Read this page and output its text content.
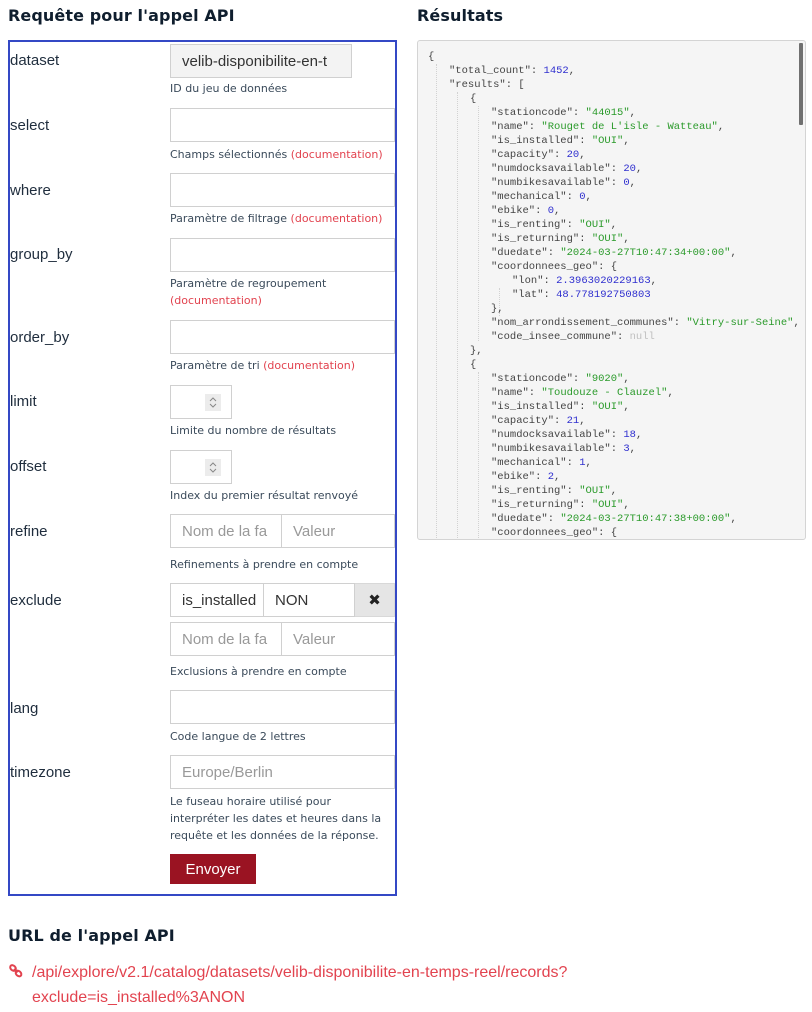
Requête pour l'appel API	Résultats
dataset	velib-disponibilite-en-t
ID du jeu de données
select
Champs sélectionnés (documentation)
where
Paramètre de filtrage (documentation)
group_by
Paramètre de regroupement
(documentation)
order_by
Paramètre de tri (documentation)
limit
Limite du nombre de résultats
offset
Index du premier résultat renvoyé
refine	Nom de la fa	Valeur
Refinements à prendre en compte
exclude	is_installed	NON	✖
Nom de la fa	Valeur
Exclusions à prendre en compte
lang
Code langue de 2 lettres
timezone	Europe/Berlin
Le fuseau horaire utilisé pour interpréter les dates et heures dans la requête et les données de la réponse.
Envoyer
{
"total_count": 1452,
"results": [
{
"stationcode": "44015",
"name": "Rouget de L'isle - Watteau",
"is_installed": "OUI",
"capacity": 20,
"numdocksavailable": 20,
"numbikesavailable": 0,
"mechanical": 0,
"ebike": 0,
"is_renting": "OUI",
"is_returning": "OUI",
"duedate": "2024-03-27T10:47:34+00:00",
"coordonnees_geo": {
"lon": 2.3963020229163,
"lat": 48.778192750803
},
"nom_arrondissement_communes": "Vitry-sur-Seine",
"code_insee_commune": null
},
{
"stationcode": "9020",
"name": "Toudouze - Clauzel",
"is_installed": "OUI",
"capacity": 21,
"numdocksavailable": 18,
"numbikesavailable": 3,
"mechanical": 1,
"ebike": 2,
"is_renting": "OUI",
"is_returning": "OUI",
"duedate": "2024-03-27T10:47:38+00:00",
"coordonnees_geo": {
URL de l'appel API
/api/explore/v2.1/catalog/datasets/velib-disponibilite-en-temps-reel/records?
exclude=is_installed%3ANON
